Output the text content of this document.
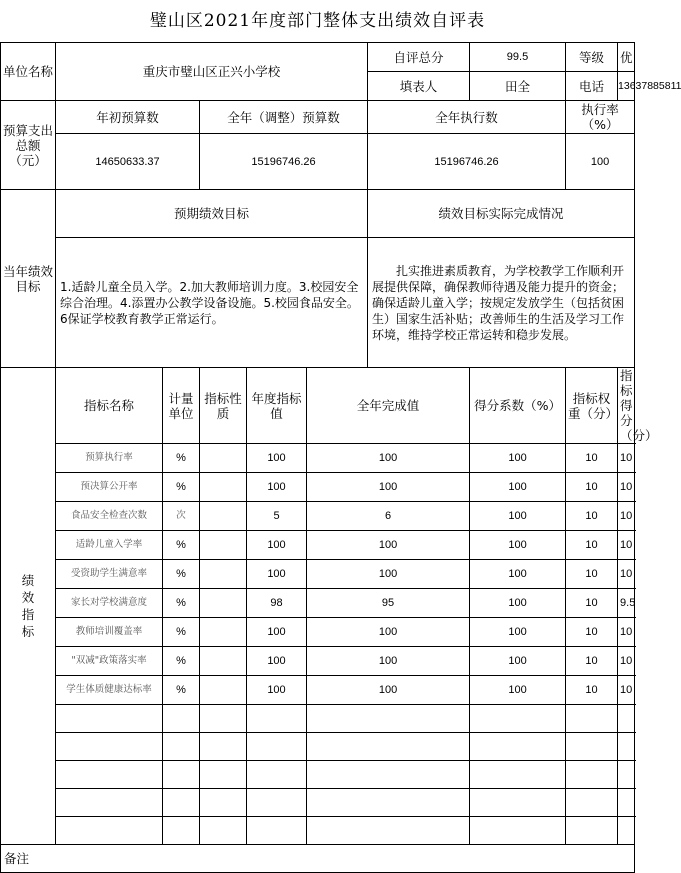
璧山区2021年度部门整体支出绩效自评表
单位名称	重庆市璧山区正兴小学校					自评总分	99.5	等级	优
						填表人	田全	电话	13637885811
预算支出总额（元）	年初预算数		全年（调整）预算数			全年执行数		执行率（%）	
	14650633.37		15196746.26			15196746.26		100	
当年绩效目标	预期绩效目标					绩效目标实际完成情况			
	1.适龄儿童全员入学。2.加大教师培训力度。3.校园安全综合治理。4.添置办公教学设备设施。5.校园食品安全。6保证学校教育教学正常运行。					扎实推进素质教育，为学校教学工作顺利开展提供保障，确保教师待遇及能力提升的资金；确保适龄儿童入学；按规定发放学生（包括贫困生）国家生活补贴；改善师生的生活及学习工作环境，维持学校正常运转和稳步发展。			
绩效指标	指标名称	计量单位	指标性质	年度指标值	全年完成值		得分系数（%）	指标权重（分）	指标得分（分）
	预算执行率	%		100	100		100	10	10
	预决算公开率	%		100	100		100	10	10
	食品安全检查次数	次		5	6		100	10	10
	适龄儿童入学率	%		100	100		100	10	10
	受资助学生满意率	%		100	100		100	10	10
	家长对学校满意度	%		98	95		100	10	9.5
	教师培训覆盖率	%		100	100		100	10	10
	"双减"政策落实率	%		100	100		100	10	10
	学生体质健康达标率	%		100	100		100	10	10

备注									
